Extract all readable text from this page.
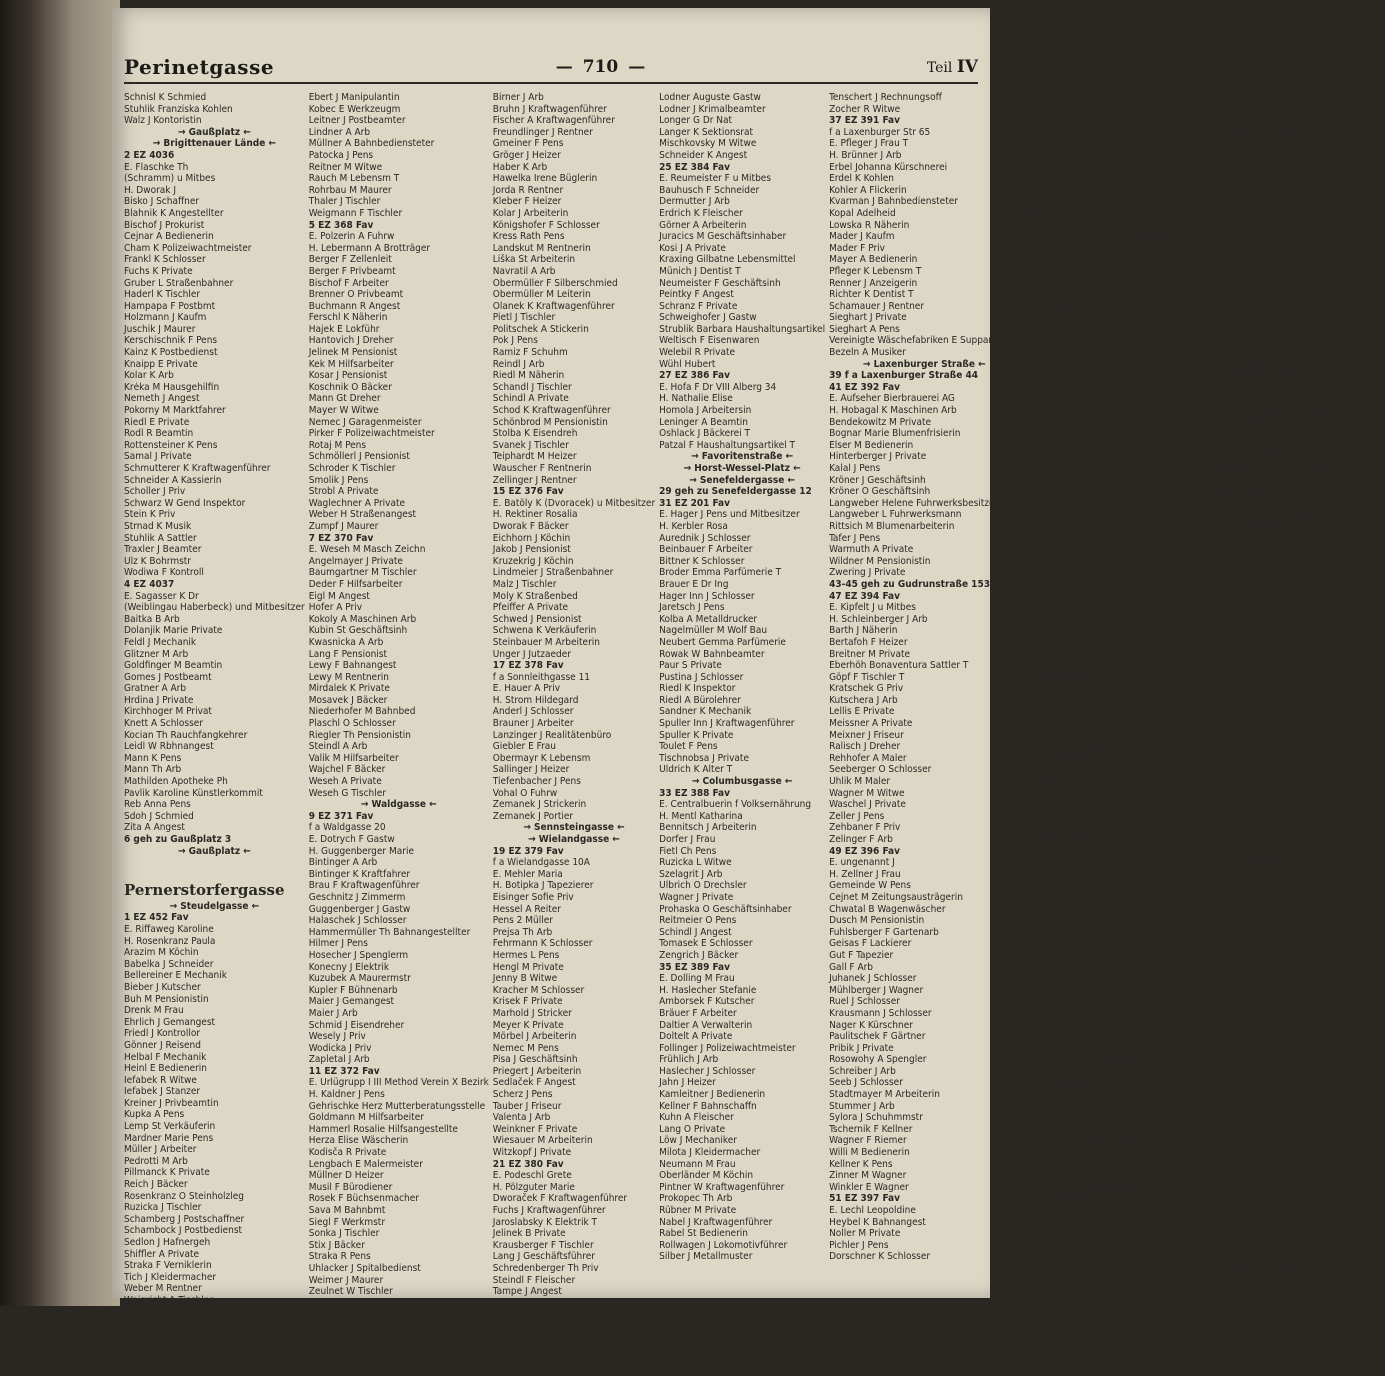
Perinetgasse	— 710 —	Teil IV
Schnisl K Schmied
Stuhlik Franziska Kohlen
Walz J Kontoristin
→ Gaußplatz ←
→ Brigittenauer Lände ←
2 EZ 4036
E. Flaschke Th
(Schramm) u Mitbes
H. Dworak J
Bisko J Schaffner
Blahnik K Angestellter
Bischof J Prokurist
Cejnar A Bedienerin
Cham K Polizeiwachtmeister
Frankl K Schlosser
Fuchs K Private
Gruber L Straßenbahner
Haderl K Tischler
Hampapa F Postbmt
Holzmann J Kaufm
Juschik J Maurer
Kerschischnik F Pens
Kainz K Postbedienst
Knaipp E Private
Kolar K Arb
Krėka M Hausgehilfin
Nemeth J Angest
Pokorny M Marktfahrer
Riedl E Private
Rodl R Beamtin
Rottensteiner K Pens
Samal J Private
Schmutterer K Kraftwagenführer
Schneider A Kassierin
Scholler J Priv
Schwarz W Gend Inspektor
Stein K Priv
Strnad K Musik
Stuhlik A Sattler
Traxler J Beamter
Ulz K Bohrmstr
Wodiwa F Kontroll
4 EZ 4037
E. Sagasser K Dr
(Weiblingau Haberbeck) und Mitbesitzer
Baitka B Arb
Dolanjik Marie Private
Feldl J Mechanik
Glitzner M Arb
Goldfinger M Beamtin
Gomes J Postbeamt
Gratner A Arb
Hrdina J Private
Kirchhoger M Privat
Knett A Schlosser
Kocian Th Rauchfangkehrer
Leidl W Rbhnangest
Mann K Pens
Mann Th Arb
Mathilden Apotheke Ph
Pavlik Karoline Künstlerkommit
Reb Anna Pens
Sdoh J Schmied
Zita A Angest
6 geh zu Gaußplatz 3
→ Gaußplatz ←

Pernerstorfergasse
→ Steudelgasse ←
1 EZ 452 Fav
E. Riffaweg Karoline
H. Rosenkranz Paula
Arazim M Köchin
Babelka J Schneider
Bellereiner E Mechanik
Bieber J Kutscher
Buh M Pensionistin
Drenk M Frau
Ehrlich J Gemangest
Friedl J Kontrollor
Gönner J Reisend
Helbal F Mechanik
Heinl E Bedienerin
Iefabek R Witwe
Iefabek J Stanzer
Kreiner J Privbeamtin
Kupka A Pens
Lemp St Verkäuferin
Mardner Marie Pens
Müller J Arbeiter
Pedrotti M Arb
Pillmanck K Private
Reich J Bäcker
Rosenkranz O Steinholzleg
Ruzicka J Tischler
Schamberg J Postschaffner
Schambock J Postbedienst
Sedlon J Hafnergeh
Shiffler A Private
Straka F Verniklerin
Tich J Kleidermacher
Weber M Rentner
Weigricht A Tischler
Weinberger M Private
Witek A Verkäuferin
3 EZ 366 Fav
E. Reubek F u Mitbes
H. Haabalek M Private
Bichler J Hilfsarbeiter
Ebert J Manipulantin
Kobec E Werkzeugm
Leitner J Postbeamter
Lindner A Arb
Müllner A Bahnbediensteter
Patocka J Pens
Reitner M Witwe
Rauch M Lebensm T
Rohrbau M Maurer
Thaler J Tischler
Weigmann F Tischler
5 EZ 368 Fav
E. Polzerin A Fuhrw
H. Lebermann A Brotträger
Berger F Zellenleit
Berger F Privbeamt
Bischof F Arbeiter
Brenner O Privbeamt
Buchmann R Angest
Ferschl K Näherin
Hajek E Lokführ
Hantovich J Dreher
Jelinek M Pensionist
Kek M Hilfsarbeiter
Kosar J Pensionist
Koschnik O Bäcker
Mann Gt Dreher
Mayer W Witwe
Nemec J Garagenmeister
Pirker F Polizeiwachtmeister
Rotaj M Pens
Schmöllerl J Pensionist
Schroder K Tischler
Smolik J Pens
Strobl A Private
Waglechner A Private
Weber H Straßenangest
Zumpf J Maurer
7 EZ 370 Fav
E. Weseh M Masch Zeichn
Angelmayer J Private
Baumgartner M Tischler
Deder F Hilfsarbeiter
Eigl M Angest
Hofer A Priv
Kokoly A Maschinen Arb
Kubin St Geschäftsinh
Kwasnicka A Arb
Lang F Pensionist
Lewy F Bahnangest
Lewy M Rentnerin
Mirdalek K Private
Mosavek J Bäcker
Niederhofer M Bahnbed
Plaschl O Schlosser
Riegler Th Pensionistin
Steindl A Arb
Valik M Hilfsarbeiter
Wajchel F Bäcker
Weseh A Private
Weseh G Tischler
→ Waldgasse ←
9 EZ 371 Fav
f a Waldgasse 20
E. Dotrych F Gastw
H. Guggenberger Marie
Bintinger A Arb
Bintinger K Kraftfahrer
Brau F Kraftwagenführer
Geschnitz J Zimmerm
Guggenberger J Gastw
Halaschek J Schlosser
Hammermüller Th Bahnangestellter
Hilmer J Pens
Hosecher J Spenglerm
Konecny J Elektrik
Kuzubek A Maurermstr
Kupler F Bühnenarb
Maier J Gemangest
Maier J Arb
Schmid J Eisendreher
Wesely J Priv
Wodicka J Priv
Zapletal J Arb
11 EZ 372 Fav
E. Urlügrupp I III Method Verein X Bezirk
H. Kaldner J Pens
Gehrischke Herz Mutterberatungsstelle
Goldmann M Hilfsarbeiter
Hammerl Rosalie Hilfsangestellte
Herza Elise Wäscherin
Kodisča R Private
Lengbach E Malermeister
Müllner D Heizer
Musil F Bürodiener
Rosek F Büchsenmacher
Sava M Bahnbmt
Siegl F Werkmstr
Sonka J Tischler
Stix J Bäcker
Straka R Pens
Uhlacker J Spitalbedienst
Weimer J Maurer
Zeulnet W Tischler
13 EZ 374 Fav
E. Schieler M Mitbes
H. Grüschl Auguste
Beer M Postoberschaffner
Beinkofer Jur R Schneider
Birner J Arb
Bruhn J Kraftwagenführer
Fischer A Kraftwagenführer
Freundlinger J Rentner
Gmeiner F Pens
Gröger J Heizer
Haber K Arb
Hawelka Irene Büglerin
Jorda R Rentner
Kleber F Heizer
Kolar J Arbeiterin
Königshofer F Schlosser
Kress Rath Pens
Landskut M Rentnerin
Liška St Arbeiterin
Navratil A Arb
Obermüller F Silberschmied
Obermüller M Leiterin
Olanek K Kraftwagenführer
Pietl J Tischler
Politschek A Stickerin
Pok J Pens
Ramiz F Schuhm
Reindl J Arb
Riedl M Näherin
Schandl J Tischler
Schindl A Private
Schod K Kraftwagenführer
Schönbrod M Pensionistin
Stolba K Eisendreh
Svanek J Tischler
Teiphardt M Heizer
Wauscher F Rentnerin
Zellinger J Rentner
15 EZ 376 Fav
E. Batöly K (Dvoracek) u Mitbesitzer
H. Rektiner Rosalia
Dworak F Bäcker
Eichhorn J Köchin
Jakob J Pensionist
Kruzekrig J Köchin
Lindmeier J Straßenbahner
Malz J Tischler
Moly K Straßenbed
Pfeiffer A Private
Schwed J Pensionist
Schwena K Verkäuferin
Steinbauer M Arbeiterin
Unger J Jutzaeder
17 EZ 378 Fav
f a Sonnleithgasse 11
E. Hauer A Priv
H. Strom Hildegard
Anderl J Schlosser
Brauner J Arbeiter
Lanzinger J Realitätenbüro
Giebler E Frau
Obermayr K Lebensm
Sallinger J Heizer
Tiefenbacher J Pens
Vohal O Fuhrw
Zemanek J Strickerin
Zemanek J Portier
→ Sennsteingasse ←
→ Wielandgasse ←
19 EZ 379 Fav
f a Wielandgasse 10A
E. Mehler Maria
H. Botipka J Tapezierer
Eisinger Sofie Priv
Hessel A Reiter
Pens 2 Müller
Prejsa Th Arb
Fehrmann K Schlosser
Hermes L Pens
Hengl M Private
Jenny B Witwe
Kracher M Schlosser
Krisek F Private
Marhold J Stricker
Meyer K Private
Mörbel J Arbeiterin
Nemec M Pens
Pisa J Geschäftsinh
Priegert J Arbeiterin
Sedlaček F Angest
Scherz J Pens
Tauber J Friseur
Valenta J Arb
Weinkner F Private
Wiesauer M Arbeiterin
Witzkopf J Private
21 EZ 380 Fav
E. Podeschl Grete
H. Pölzguter Marie
Dworaček F Kraftwagenführer
Fuchs J Kraftwagenführer
Jaroslabsky K Elektrik T
Jelinek B Private
Krausberger F Tischler
Lang J Geschäftsführer
Schredenberger Th Priv
Steindl F Fleischer
Tampe J Angest
Tannen K Bahnbeamter
23 EZ 382 Fav
E. Lederer J
H. Schmid Maria
Kraft W Maschinen Arb
Kraft F Buchhalter
Lodner Auguste Gastw
Lodner J Krimalbeamter
Longer G Dr Nat
Langer K Sektionsrat
Mischkovsky M Witwe
Schneider K Angest
25 EZ 384 Fav
E. Reumeister F u Mitbes
Bauhusch F Schneider
Dermutter J Arb
Erdrich K Fleischer
Görner A Arbeiterin
Juracics M Geschäftsinhaber
Kosi J A Private
Kraxing Gilbatne Lebensmittel
Münich J Dentist T
Neumeister F Geschäftsinh
Peintky F Angest
Schranz F Private
Schweighofer J Gastw
Strublik Barbara Haushaltungsartikel
Weltisch F Eisenwaren
Welebil R Private
Wühl Hubert
27 EZ 386 Fav
E. Hofa F Dr VIII Alberg 34
H. Nathalie Elise
Homola J Arbeitersin
Leninger A Beamtin
Oshlack J Bäckerei T
Patzal F Haushaltungsartikel T
→ Favoritenstraße ←
→ Horst-Wessel-Platz ←
→ Senefeldergasse ←
29 geh zu Senefeldergasse 12
31 EZ 201 Fav
E. Hager J Pens und Mitbesitzer
H. Kerbler Rosa
Aurednik J Schlosser
Beinbauer F Arbeiter
Bittner K Schlosser
Broder Emma Parfümerie T
Brauer E Dr Ing
Hager Inn J Schlosser
Jaretsch J Pens
Kolba A Metalldrucker
Nagelmüller M Wolf Bau
Neubert Gemma Parfümerie
Rowak W Bahnbeamter
Paur S Private
Pustina J Schlosser
Riedl K Inspektor
Riedl A Bürolehrer
Sandner K Mechanik
Spuller Inn J Kraftwagenführer
Spuller K Private
Toulet F Pens
Tischnobsa J Private
Uldrich K Alter T
→ Columbusgasse ←
33 EZ 388 Fav
E. Centralbuerin f Volksernährung
H. Mentl Katharina
Bennitsch J Arbeiterin
Dorfer J Frau
Fietl Ch Pens
Ruzicka L Witwe
Szelagrit J Arb
Ulbrich O Drechsler
Wagner J Private
Prohaska O Geschäftsinhaber
Reitmeier O Pens
Schindl J Angest
Tomasek E Schlosser
Zengrich J Bäcker
35 EZ 389 Fav
E. Dolling M Frau
H. Haslecher Stefanie
Amborsek F Kutscher
Bräuer F Arbeiter
Daltier A Verwalterin
Doltelt A Private
Follinger J Polizeiwachtmeister
Frühlich J Arb
Haslecher J Schlosser
Jahn J Heizer
Kamleitner J Bedienerin
Kellner F Bahnschaffn
Kuhn A Fleischer
Lang O Private
Löw J Mechaniker
Milota J Kleidermacher
Neumann M Frau
Oberländer M Köchin
Pintner W Kraftwagenführer
Prokopec Th Arb
Rübner M Private
Nabel J Kraftwagenführer
Rabel St Bedienerin
Rollwagen J Lokomotivführer
Silber J Metallmuster
Tenschert J Rechnungsoff
Zocher R Witwe
37 EZ 391 Fav
f a Laxenburger Str 65
E. Pfleger J Frau T
H. Brünner J Arb
Erbel Johanna Kürschnerei
Erdel K Kohlen
Kohler A Flickerin
Kvarman J Bahnbediensteter
Kopal Adelheid
Lowska R Näherin
Mader J Kaufm
Mader F Priv
Mayer A Bedienerin
Pfleger K Lebensm T
Renner J Anzeigerin
Richter K Dentist T
Schamauer J Rentner
Sieghart J Private
Sieghart A Pens
Vereinigte Wäschefabriken E Suppanig
Bezeln A Musiker
→ Laxenburger Straße ←
39 f a Laxenburger Straße 44
41 EZ 392 Fav
E. Aufseher Bierbrauerei AG
H. Hobagal K Maschinen Arb
Bendekowitz M Private
Bognar Marie Blumenfrisierin
Elser M Bedienerin
Hinterberger J Private
Kalal J Pens
Kröner J Geschäftsinh
Kröner O Geschäftsinh
Langweber Helene Fuhrwerksbesitzerin
Langweber L Fuhrwerksmann
Rittsich M Blumenarbeiterin
Tafer J Pens
Warmuth A Private
Wildner M Pensionistin
Zwering J Private
43-45 geh zu Gudrunstraße 153-159A
47 EZ 394 Fav
E. Kipfelt J u Mitbes
H. Schleinberger J Arb
Barth J Näherin
Bertafoh F Heizer
Breitner M Private
Eberhöh Bonaventura Sattler T
Göpf F Tischler T
Kratschek G Priv
Kutschera J Arb
Lellis E Private
Meissner A Private
Meixner J Friseur
Ralisch J Dreher
Rehhofer A Maler
Seeberger O Schlosser
Uhlik M Maler
Wagner M Witwe
Waschel J Private
Zeller J Pens
Zehbaner F Priv
Zelinger F Arb
49 EZ 396 Fav
E. ungenannt J
H. Zellner J Frau
Gemeinde W Pens
Cejnet M Zeitungsausträgerin
Chwatal B Wagenwäscher
Dusch M Pensionistin
Fuhlsberger F Gartenarb
Geisas F Lackierer
Gut F Tapezier
Gall F Arb
Juhanek J Schlosser
Mühlberger J Wagner
Ruel J Schlosser
Krausmann J Schlosser
Nager K Kürschner
Paulitschek F Gärtner
Pribik J Private
Rosowohy A Spengler
Schreiber J Arb
Seeb J Schlosser
Stadtmayer M Arbeiterin
Stummer J Arb
Sylora J Schuhmmstr
Tschernik F Kellner
Wagner F Riemer
Willi M Bedienerin
Kellner K Pens
Zinner M Wagner
Winkler E Wagner
51 EZ 397 Fav
E. Lechl Leopoldine
Heybel K Bahnangest
Noller M Private
Pichler J Pens
Dorschner K Schlosser
Fürlinger A Bedien
Göller J Kraftwagenführer
Glowaczewski J Pens
Harlinger A Bedienerin
Lerch J Angest
Muck A Bahnbediensteter
Rehme A Postangest
Schuster J Dreher
Steindl K Heizer
Steiner J Fleischer
Stölzl A Friseur
Zirkel K Feuerwehrmann
→ Siccardsburggasse ←
53 f a Siccardsburggasse 22-24
Hesslein J Pens
Mira K Tischler
Strach Rosa Milchhändlerin
Vrza Magda Tabtraf
55 EZ 1032 Fav
E. Bimberger Anna und Mitbesitzer
H. Schmidt Leopoldine
Böhm J Pensionistin
Bruckbauer J M Straßenbahnschaffner
Eisenberger J Tischler
Engelschenkwirt F Gerüster
Gaubert Et Bedienerin
Gubler A Bahnbediensteter
Hadil K Spitalangest
Jakob J Eisendreh
Jahoda J Straßenbahnangest
Kirschbaum A Frau
Kolar G Geschäftsinh
Kolbe A Selcher
Kolmann J Mechanikmeister
Lenerus K Private
Mayerhofer K Kellner
Medritsch J Pensionist
Nevoral F Fleischer
Peinstock J Pens
Rehnerl M Geschäftsinh
Reininger K Bahnbeamter
Schöbl M Buchhalter
Scholz K Bahnbeamter
Srutek J Tischler
Teich E Pens
Toman F Kraftwagenführer
Wacolitz A Schuhmacher
Weiss J Private
Wittkind J Eisenmachergeh
→ Leebgasse ←
57 EZ 402 Fav
f a Leebgasse 30-32
E. Bolth O Parfümerie u Seifenfabrik T
Hoffmann J Kaufmann T
Raimund J Beamter
Pepe Wäschefirma K Supančič Peter's Rig T
→ Van-der-Nüll-Gasse ←
59 EZ 404 Fav
E. Grametz Th Seifenfabrik T
61 EZ 36 Fav
E. Kuželek A u Mitbes
Freismuth F Private
Korlac A Pens
Stahl Antonie Rentnerin
61A EZ 2044 Fav
E. Damek Beatrix
Bernert K Kassier
Frogner K Arb
Göz K Werkhausm
Grill J Arbeiterin
Hadenberg M Postbeamter
Kettaw J Kürschner
Korytka J Maschinen Arb
Kramler Th Pensionistin
Laubnet Ja Installat
Mladek R Arb T
Raschowsky J Möbelpacker
Rupp J Kraftwagenführer
Samek K Fuchsneid T
Stanek A Frau
Stumpfel K Bäcker
Stumpner M Private
Trilowsky F Traditant
→ Alzingergasse ←
63 geh zu Alzingergasse 9
65 EZ 407 Fav
E. Schulz H Ingenieur T
Schulz Karl Schauweber-Apparate T
Hedicek F Buchhalter
67 geh zu Herzgasse 29
→ Herzgasse ←
69 f a Herzgasse 28
E. Gruber Leonore Zuckerwaren
71 geh zu Eckertgasse 17
→ Eckertgasse ←
73 EZ 292 Fav
E. Fischer K Priv u Mitbesitzer
H. Kopf Marie
Fischer M Private
Fleischmann F Kreisleit
Löser M Geschäftsinh
Martfeiner J Gemüsehändler T
Maucher F Beamter
Nowotny J Bankbeamter
Prokopec Th Schlosser
Strubreiter A Dreher T
Strubreiter J Zuckerbäcker
Toifl E Geschäftsinhaber
Toifl E Theatermal
75 EZ 2328 Fav
E. Ranka Agnes
H. Gruhner Johanna
Gjelafowsky A Wb
Fuchs J Angest
Kapeller K Witwe
Karafinsky A Chromolithograph
Renner A Private
Lerche G Lagerhalt
Müller K Werkmeister
Venitska B Private
Rue J Hafner
Velikov B Verkehrsführer
Velischa J Private
Prokoph K Beamter
Resch F Friseur
Schöpf O Beamter
Sorko K Bildhauer
Zeiner A Witwe
→ Reiterichgasse ←
77 unbebaut
79-81 EZ 410 Fav
H. Stengl J Schulwart
Jakovitz J Schulwart
→ Fernkorngasse ←
83 EZ 411 Fav
E. Gemeinde Wien Autobushangar T
Mützel W Vorstand
→ Fernkorngasse ←
85-89 geh zu Fernkorngasse 24
→ Sonnleitnergasse ←
91 unbebaut
→ Bernhardstalgasse ←
→ Gellertgasse ←
2 EZ 450 Fav
E. Spicka J u Mitbes
E. Streimelweger J u Mitbes
Becka J Goldschmied
Bis J Schlosser
Burian J Tischler
Gruber F Arbeiter
Hirath K Schraubendreher
Holzweber F Pens
Knitl F Spengler
Krammer K Private
Macha M Schneidermeisterin
Müller M Arbeiterin
Rieder Th Kellnerin
Riedl J Hilfsarbeiterin
Brell J Portier
Rudiger St Pens
Ruediger K Arb
Rubitsch K Gastw T
Schlager J Straßenarbeiter
Schöbauer J Private
Stala Th Bedienerin
Stacher B Private
Stieber M Angestellte
Streiselmayer Th Private
Swoboda J Dachdecker
Ulrich A Postbeamter
Brand F Bäcker
Winterlik J Lokomotivführer
4 EZ 367 Fav
E. Riedl Emmy
Pernerstorfer Garage T
6 EZ 369 Fav
H. Bitter J Pens
Bintinger Agnes Lebensmittel
Dasch A Private
Fischinger J Schlosser
Fischinger M Arbeiterin
Fuchs J Mischmstr
Gierlich F Friseur
Heinsrath A Arb
Heinwein O Fleischer
Hill M Hilfsarbeiterin
Humer J Kraftwagenführer
Huber J Private
Kaninek O Faktor
Lukas J Bahnangest
Makowitschka J Buchbinder
Marega J Pensionist
Mittermann K Maurer
Pardus K Kraftwagenführer
Pilat O Pens
Sandera Maria Bahnbedienstete
Schmolik Th Rentnerin
Siegl L Kaufm
Simon K Bahnbedienst
Sinhold A Schaffner
Spitzer F Arb
Spitzhütl A Lokomotivführer
Strossl K Schlosser
Svoboda R Metallschleif
Traxler M Schlosser
Trnka M Pens
Zellel F Maler
8 geh zu Waldgasse 11
→ Waldgasse ←
